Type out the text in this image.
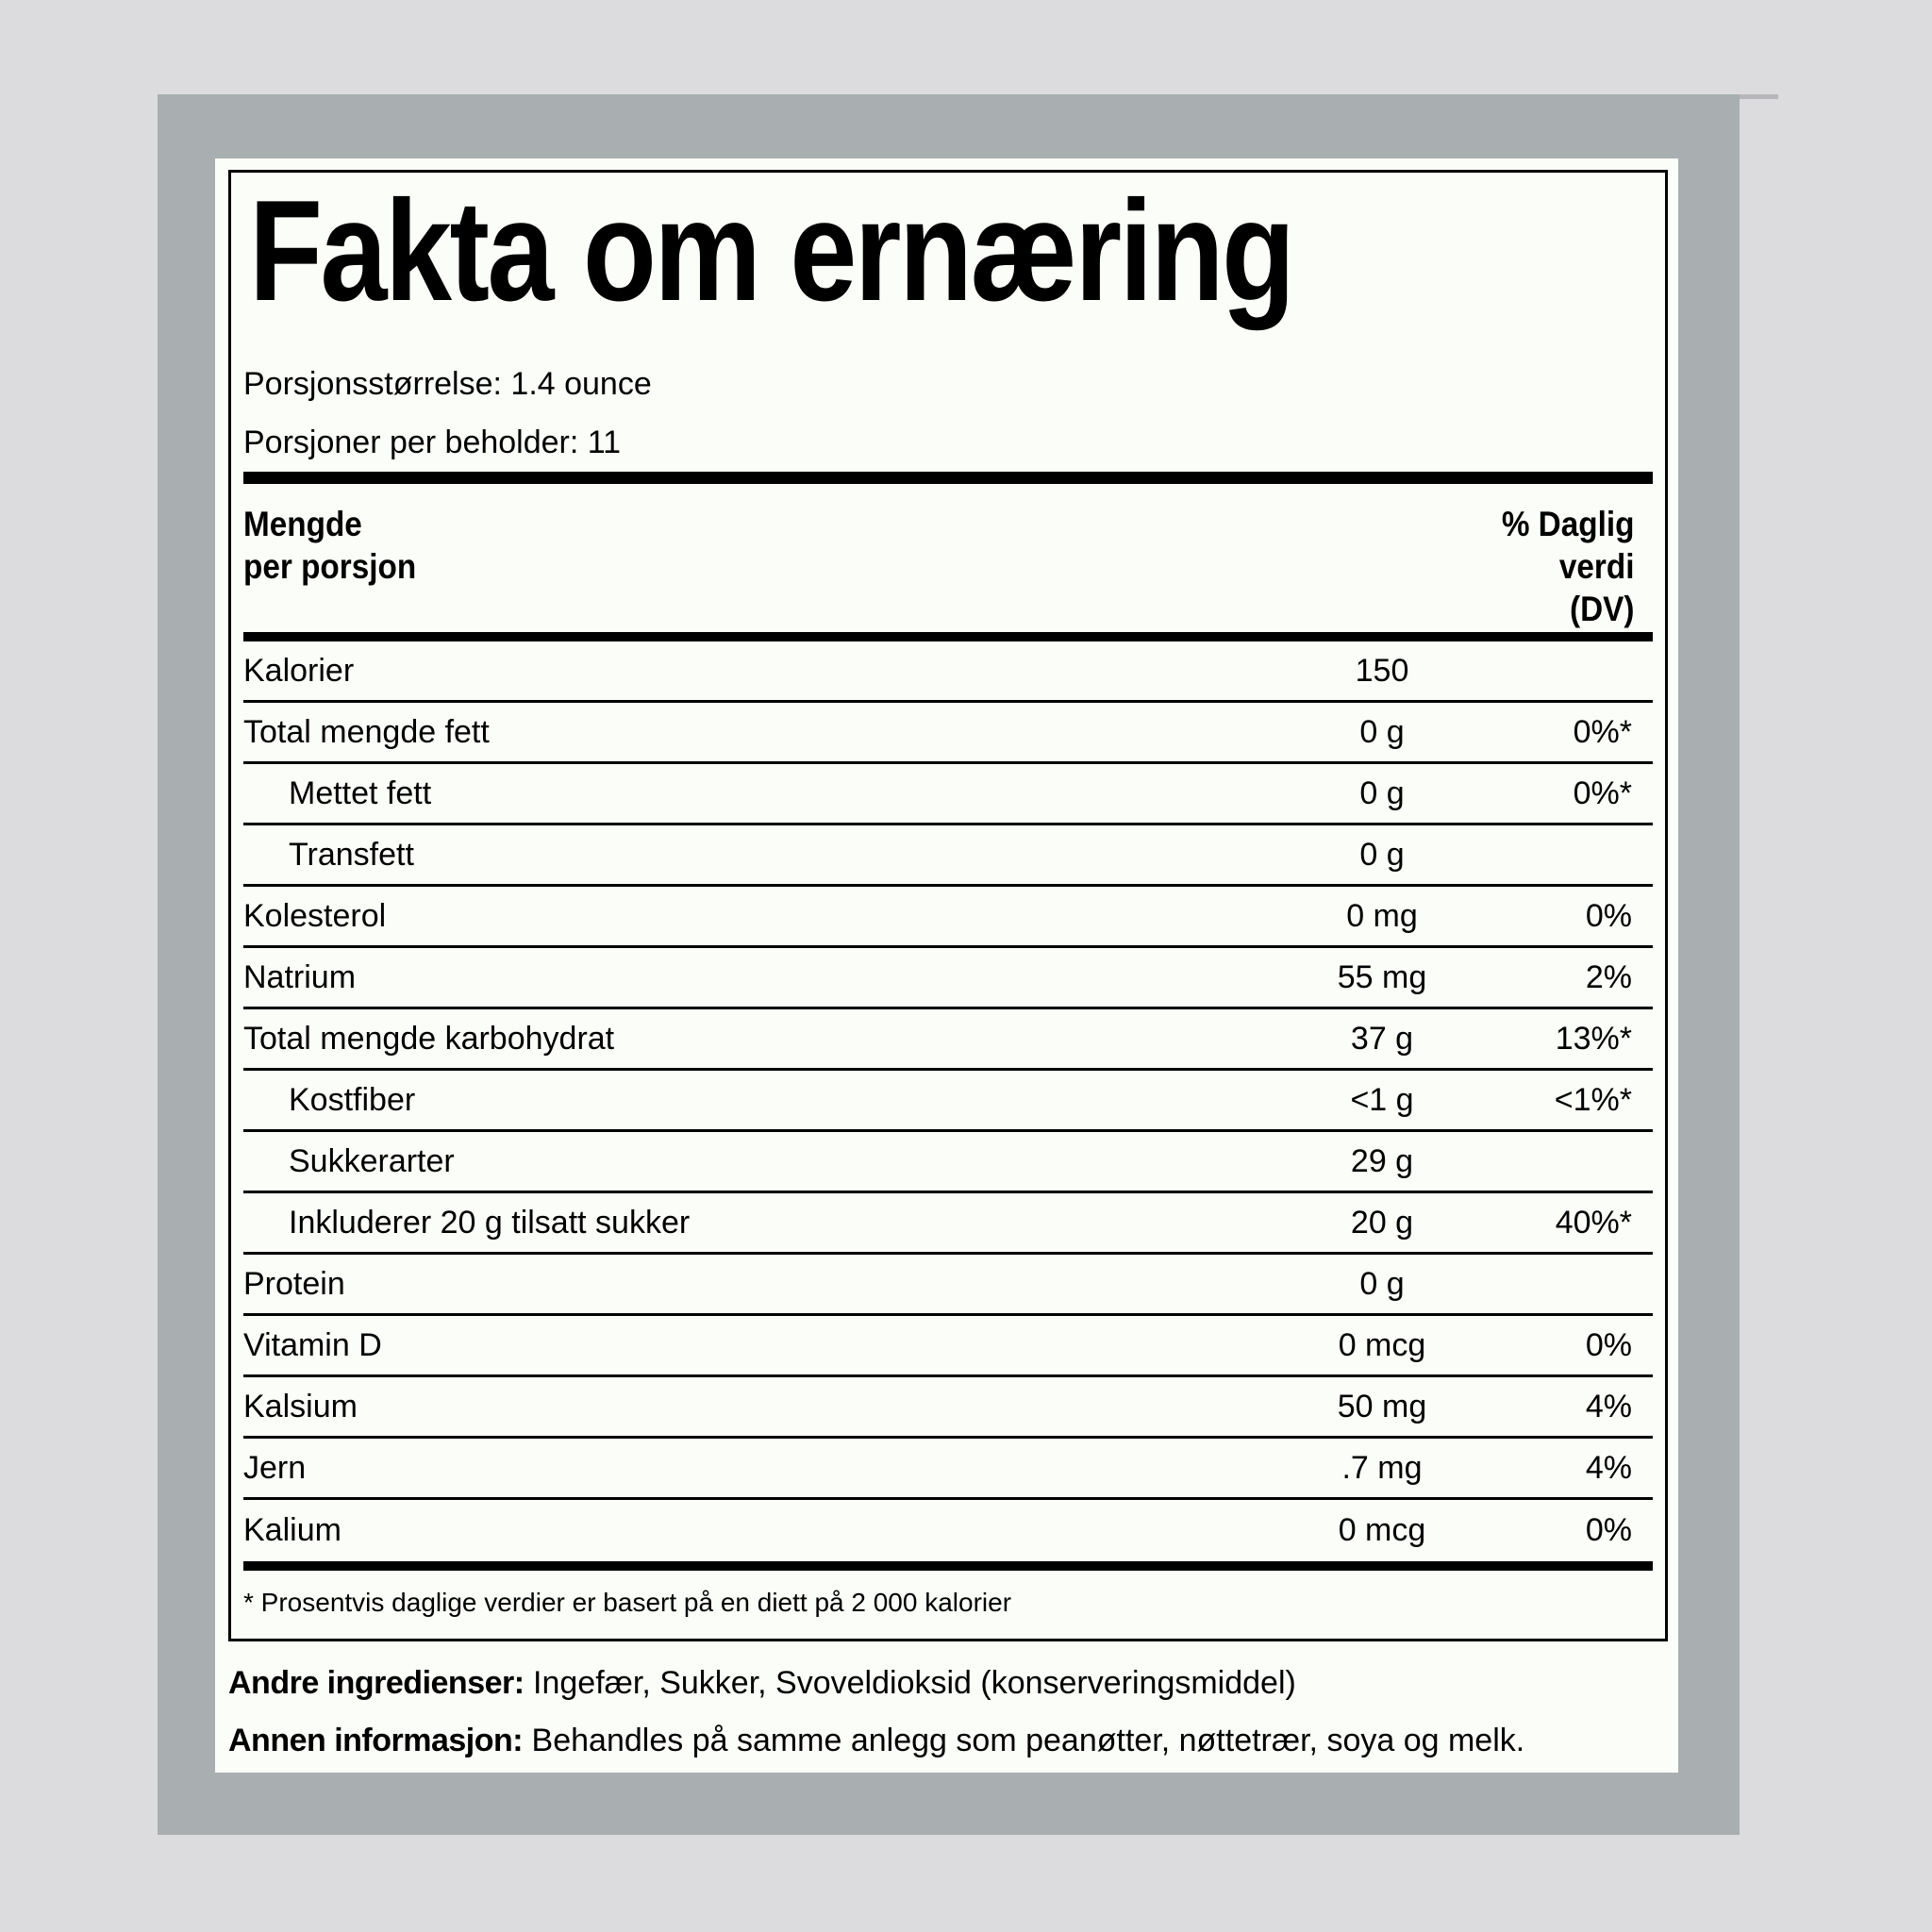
Fakta om ernæring

Porsjonsstørrelse: 1.4 ounce

Porsjoner per beholder: 11

Mengde
per porsjon
% Daglig
verdi
(DV)
Kalorier	150
Total mengde fett	0 g	0%*
Mettet fett	0 g	0%*
Transfett	0 g
Kolesterol	0 mg	0%
Natrium	55 mg	2%
Total mengde karbohydrat	37 g	13%*
Kostfiber	<1 g	<1%*
Sukkerarter	29 g
Inkluderer 20 g tilsatt sukker	20 g	40%*
Protein	0 g
Vitamin D	0 mcg	0%
Kalsium	50 mg	4%
Jern	.7 mg	4%
Kalium	0 mcg	0%
* Prosentvis daglige verdier er basert på en diett på 2 000 kalorier

Andre ingredienser: Ingefær, Sukker, Svoveldioksid (konserveringsmiddel)

Annen informasjon: Behandles på samme anlegg som peanøtter, nøttetrær, soya og melk.
